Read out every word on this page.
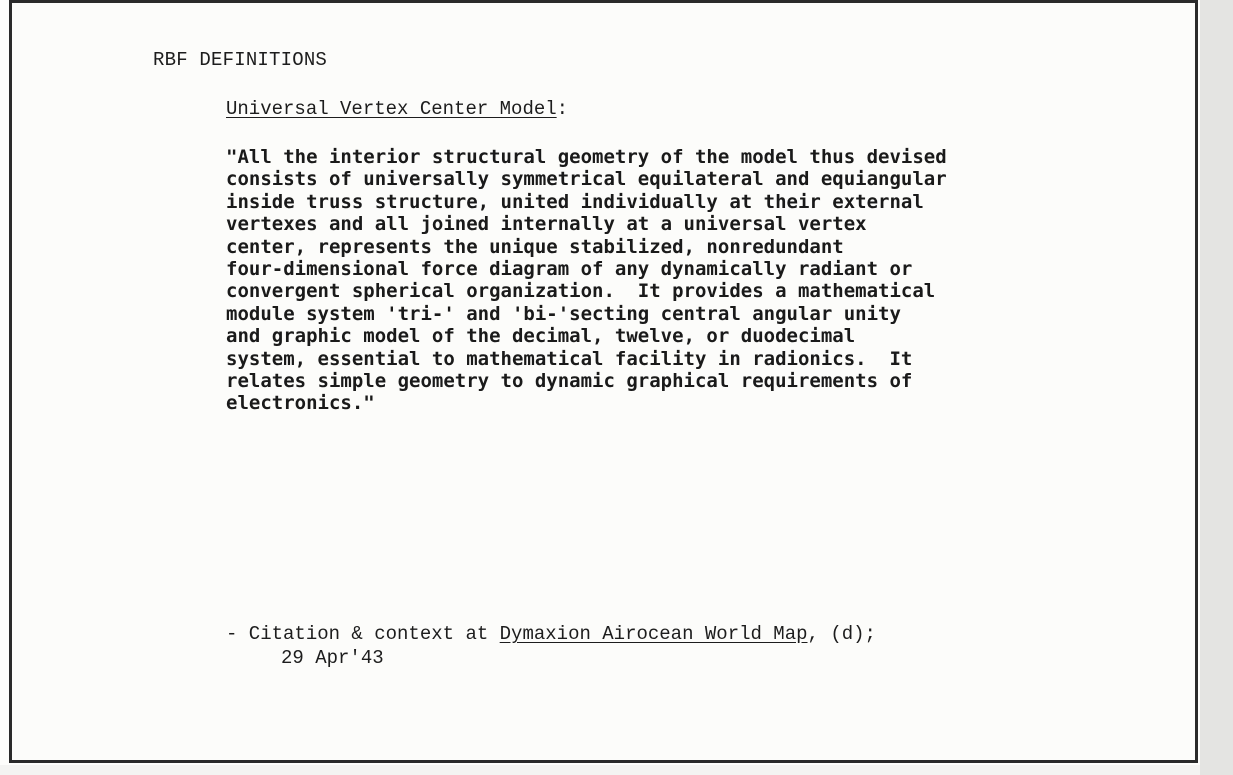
RBF DEFINITIONS
Universal Vertex Center Model:
"All the interior structural geometry of the model thus devised
consists of universally symmetrical equilateral and equiangular
inside truss structure, united individually at their external
vertexes and all joined internally at a universal vertex
center, represents the unique stabilized, nonredundant
four-dimensional force diagram of any dynamically radiant or
convergent spherical organization.  It provides a mathematical
module system 'tri-' and 'bi-'secting central angular unity
and graphic model of the decimal, twelve, or duodecimal
system, essential to mathematical facility in radionics.  It
relates simple geometry to dynamic graphical requirements of
electronics."
- Citation & context at Dymaxion Airocean World Map, (d);
29 Apr'43
